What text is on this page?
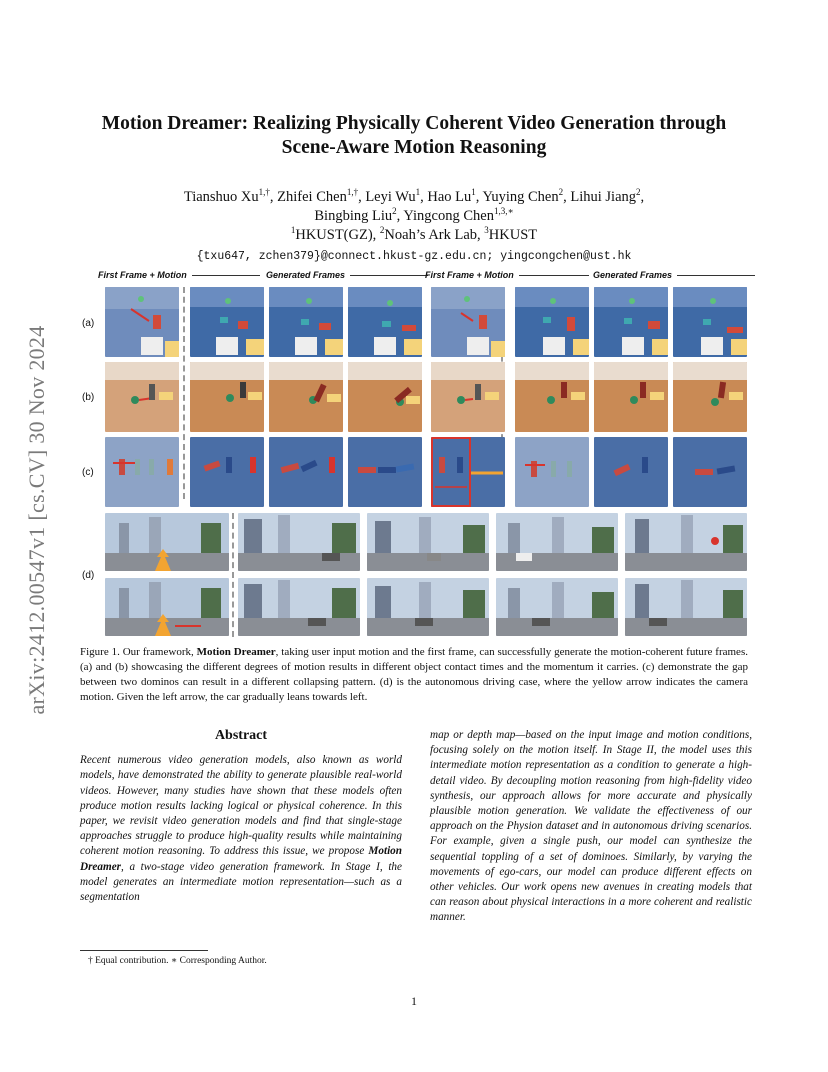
arXiv:2412.00547v1 [cs.CV] 30 Nov 2024
Motion Dreamer: Realizing Physically Coherent Video Generation through
Scene-Aware Motion Reasoning
Tianshuo $Xu^{1,\dagger}$, Zhifei Chen$^{1,\dagger}$, Leyi Wu$^1$, Hao Lu$^1$, Yuying Chen$^2$, Lihui Jiang$^2$,
Bingbing Liu$^2$, Yingcong Chen$^{1,3,∗}$
$^1$HKUST(GZ), $^2$Noah’s Ark Lab, $^3$HKUST
{txu647, zchen379}@connect.hkust-gz.edu.cn; yingcongchen@ust.hk
First Frame + Motion	Generated Frames	First Frame + Motion	Generated Frames
(a)
(b)
(c)
(d)
Figure 1. Our framework, Motion Dreamer, taking user input motion and the first frame, can successfully generate the motion-coherent future frames. (a) and (b) showcasing the different degrees of motion results in different object contact times and the momentum it carries. (c) demonstrate the gap between two dominos can result in a different collapsing pattern. (d) is the autonomous driving case, where the yellow arrow indicates the camera motion. Given the left arrow, the car gradually leans towards left.
Abstract
Recent numerous video generation models, also known as world models, have demonstrated the ability to generate plausible real-world videos. However, many studies have shown that these models often produce motion results lacking logical or physical coherence. In this paper, we revisit video generation models and find that single-stage approaches struggle to produce high-quality results while maintaining coherent motion reasoning. To address this issue, we propose Motion Dreamer, a two-stage video generation framework. In Stage I, the model generates an intermediate motion representation—such as a segmentation
map or depth map—based on the input image and motion conditions, focusing solely on the motion itself. In Stage II, the model uses this intermediate motion representation as a condition to generate a high-detail video. By decoupling motion reasoning from high-fidelity video synthesis, our approach allows for more accurate and physically plausible motion generation. We validate the effectiveness of our approach on the Physion dataset and in autonomous driving scenarios. For example, given a single push, our model can synthesize the sequential toppling of a set of dominoes. Similarly, by varying the movements of ego-cars, our model can produce different effects on other vehicles. Our work opens new avenues in creating models that can reason about physical interactions in a more coherent and realistic manner.
† Equal contribution. ∗ Corresponding Author.
1
